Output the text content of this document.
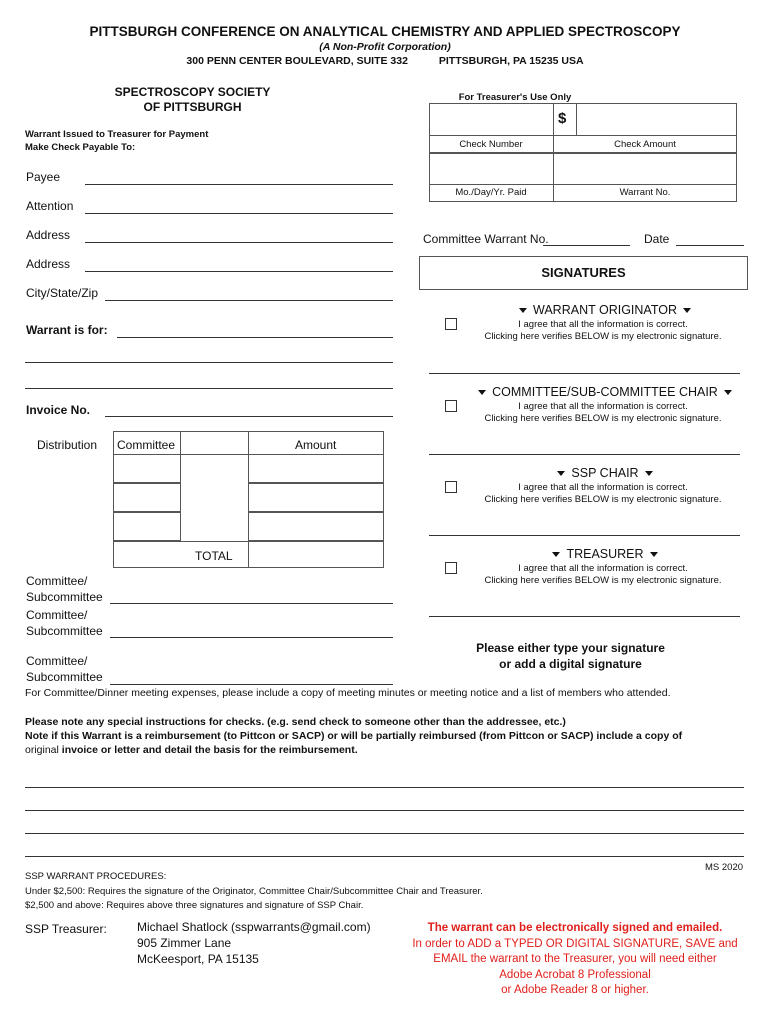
PITTSBURGH CONFERENCE ON ANALYTICAL CHEMISTRY AND APPLIED SPECTROSCOPY
(A Non-Profit Corporation)
300 PENN CENTER BOULEVARD, SUITE 332	PITTSBURGH, PA 15235 USA
SPECTROSCOPY SOCIETY
OF PITTSBURGH
Warrant Issued to Treasurer for Payment
Make Check Payable To:
Payee
Attention
Address
Address
City/State/Zip
Warrant is for:
Invoice No.
Distribution Committee	Amount
TOTAL
Committee/
Subcommittee
Committee/
Subcommittee
Committee/
Subcommittee
For Treasurer's Use Only
$
Check Number	Check Amount
Mo./Day/Yr. Paid	Warrant No.
Committee Warrant No.	Date
SIGNATURES
WARRANT ORIGINATOR
I agree that all the information is correct.
Clicking here verifies BELOW is my electronic signature.
COMMITTEE/SUB-COMMITTEE CHAIR
I agree that all the information is correct.
Clicking here verifies BELOW is my electronic signature.
SSP CHAIR
I agree that all the information is correct.
Clicking here verifies BELOW is my electronic signature.
TREASURER
I agree that all the information is correct.
Clicking here verifies BELOW is my electronic signature.
Please either type your signature
or add a digital signature
For Committee/Dinner meeting expenses, please include a copy of meeting minutes or meeting notice and a list of members who attended.
Please note any special instructions for checks. (e.g. send check to someone other than the addressee, etc.)
Note if this Warrant is a reimbursement (to Pittcon or SACP) or will be partially reimbursed (from Pittcon or SACP) include a copy of
original invoice or letter and detail the basis for the reimbursement.
MS 2020
SSP WARRANT PROCEDURES:
Under $2,500: Requires the signature of the Originator, Committee Chair/Subcommittee Chair and Treasurer.
$2,500 and above: Requires above three signatures and signature of SSP Chair.
SSP Treasurer:	Michael Shatlock (sspwarrants@gmail.com)
905 Zimmer Lane
McKeesport, PA 15135
The warrant can be electronically signed and emailed.
In order to ADD a TYPED OR DIGITAL SIGNATURE, SAVE and
EMAIL the warrant to the Treasurer, you will need either
Adobe Acrobat 8 Professional
or Adobe Reader 8 or higher.
